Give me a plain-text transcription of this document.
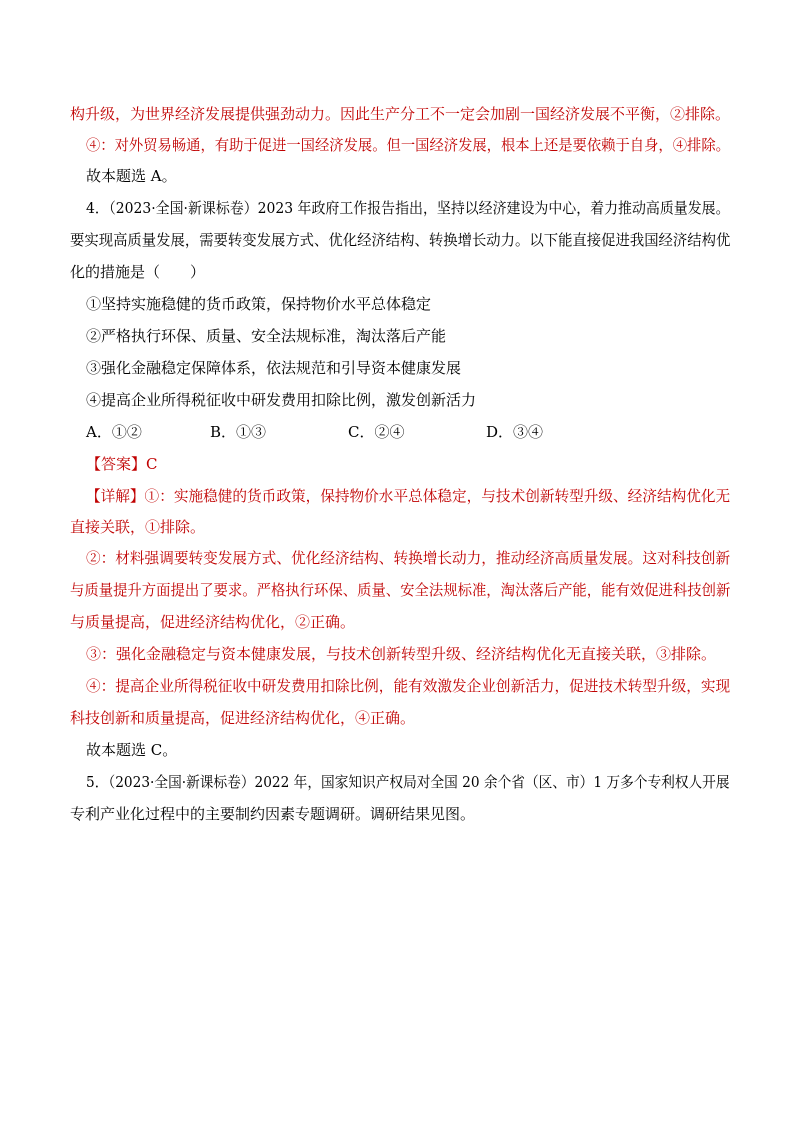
构升级，为世界经济发展提供强劲动力。因此生产分工不一定会加剧一国经济发展不平衡，②排除。
④：对外贸易畅通，有助于促进一国经济发展。但一国经济发展，根本上还是要依赖于自身，④排除。
故本题选 A。
4．（2023·全国·新课标卷）2023 年政府工作报告指出，坚持以经济建设为中心，着力推动高质量发展。
要实现高质量发展，需要转变发展方式、优化经济结构、转换增长动力。以下能直接促进我国经济结构优
化的措施是（　　）
①坚持实施稳健的货币政策，保持物价水平总体稳定
②严格执行环保、质量、安全法规标准，淘汰落后产能
③强化金融稳定保障体系，依法规范和引导资本健康发展
④提高企业所得税征收中研发费用扣除比例，激发创新活力
A．①②	B．①③	C．②④	D．③④
【答案】C
【详解】①：实施稳健的货币政策，保持物价水平总体稳定，与技术创新转型升级、经济结构优化无
直接关联，①排除。
②：材料强调要转变发展方式、优化经济结构、转换增长动力，推动经济高质量发展。这对科技创新
与质量提升方面提出了要求。严格执行环保、质量、安全法规标准，淘汰落后产能，能有效促进科技创新
与质量提高，促进经济结构优化，②正确。
③：强化金融稳定与资本健康发展，与技术创新转型升级、经济结构优化无直接关联，③排除。
④：提高企业所得税征收中研发费用扣除比例，能有效激发企业创新活力，促进技术转型升级，实现
科技创新和质量提高，促进经济结构优化，④正确。
故本题选 C。
5．（2023·全国·新课标卷）2022 年，国家知识产权局对全国 20 余个省（区、市）1 万多个专利权人开展
专利产业化过程中的主要制约因素专题调研。调研结果见图。
